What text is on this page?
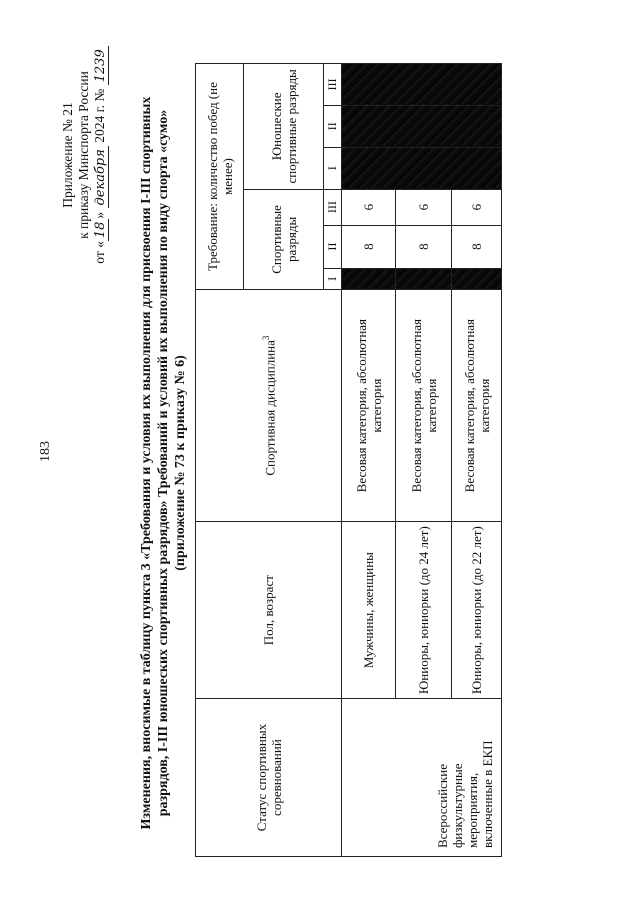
183
Приложение № 21 к приказу Минспорта России
от «18» декабря 2024 г. № 1239
Изменения, вносимые в таблицу пункта 3 «Требования и условия их выполнения для присвоения I-III спортивных разрядов, I-III юношеских спортивных разрядов» Требований и условий их выполнения по виду спорта «сумо» (приложение № 73 к приказу № 6)
Статус спортивных соревнований	Пол, возраст	Спортивная дисциплина$^3$	Требование: количество побед (не менее)					
			Спортивные разряды			Юношеские спортивные разряды		
			I	II	III	I	II	III
Всероссийские физкультурные мероприятия, включенные в ЕКП	Мужчины, женщины	Весовая категория, абсолютная категория		8	6			
	Юниоры, юниорки (до 24 лет)	Весовая категория, абсолютная категория		8	6			
	Юниоры, юниорки (до 22 лет)	Весовая категория, абсолютная категория		8	6			
